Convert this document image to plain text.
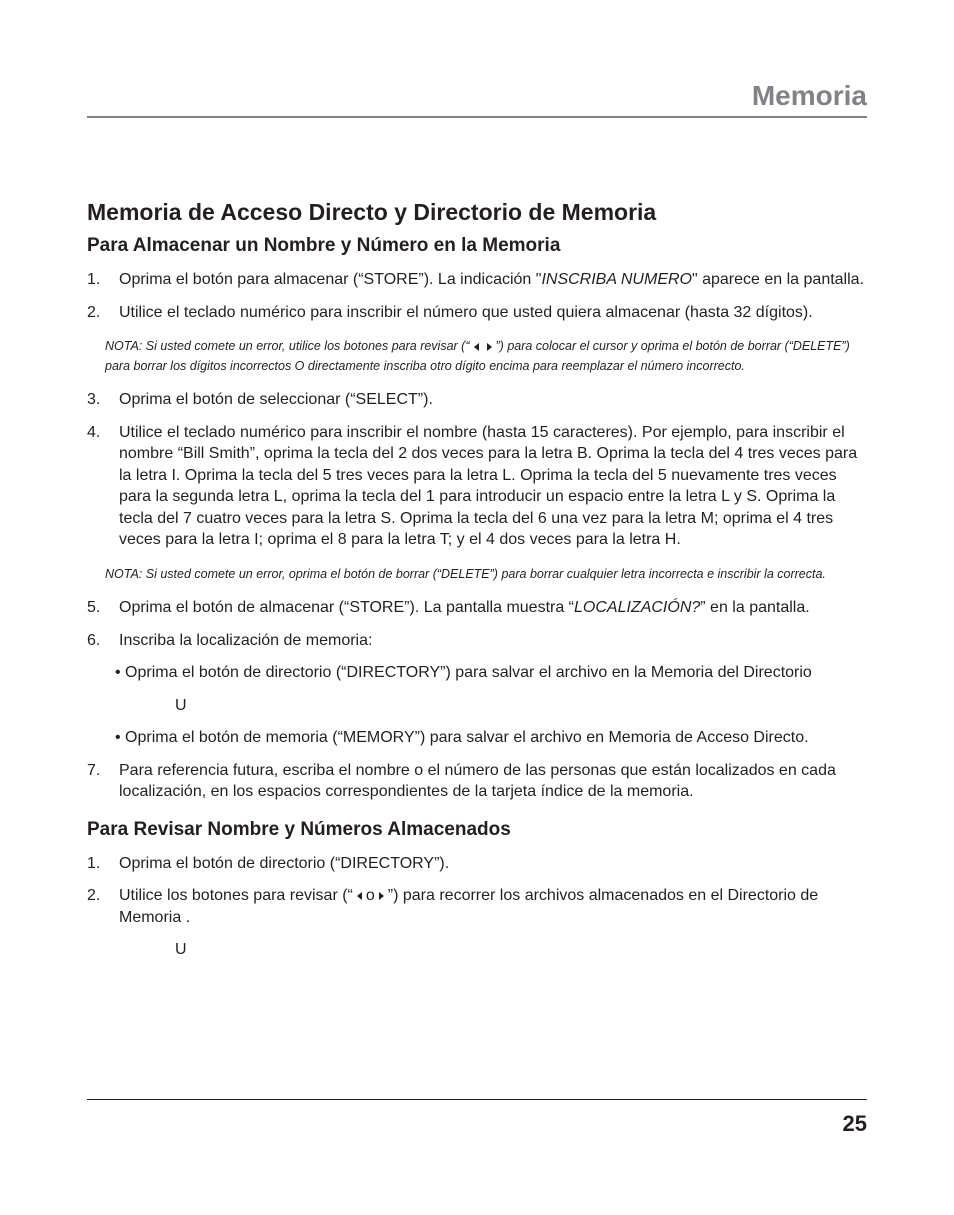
Memoria
Memoria de Acceso Directo y Directorio de Memoria
Para Almacenar un Nombre y Número en la Memoria
1.	Oprima el botón para almacenar (“STORE”). La indicación "INSCRIBA NUMERO" aparece en la pantalla.
2.	Utilice el teclado numérico para inscribir el número que usted quiera almacenar (hasta 32 dígitos).
NOTA: Si usted comete un error, utilice los botones para revisar (“ ”) para colocar el cursor y oprima el botón de borrar (“DELETE”) para borrar los dígitos incorrectos O directamente inscriba otro dígito encima para reemplazar el número incorrecto.
3.	Oprima el botón de seleccionar (“SELECT”).
4.	Utilice el teclado numérico para inscribir el nombre (hasta 15 caracteres). Por ejemplo, para inscribir el nombre “Bill Smith”, oprima la tecla del 2 dos veces para la letra B. Oprima la tecla del 4 tres veces para la letra I. Oprima la tecla del 5 tres veces para la letra L. Oprima la tecla del 5 nuevamente tres veces para la segunda letra L, oprima la tecla del 1 para introducir un espacio entre la letra L y S. Oprima la tecla del 7 cuatro veces para la letra S. Oprima la tecla del 6 una vez para la letra M; oprima el 4 tres veces para la letra I; oprima el 8 para la letra T; y el 4 dos veces para la letra H.
NOTA: Si usted comete un error, oprima el botón de borrar (“DELETE”) para borrar cualquier letra incorrecta e inscribir la correcta.
5.	Oprima el botón de almacenar (“STORE”). La pantalla muestra “LOCALIZACIÓN?” en la pantalla.
6.	Inscriba la localización de memoria:
• Oprima el botón de directorio (“DIRECTORY”) para salvar el archivo en la Memoria del Directorio
U
• Oprima el botón de memoria (“MEMORY”) para salvar el archivo en Memoria de Acceso Directo.
7.	Para referencia futura, escriba el nombre o el número de las personas que están localizados en cada localización, en los espacios correspondientes de la tarjeta índice de la memoria.
Para Revisar Nombre y Números Almacenados
1.	Oprima el botón de directorio (“DIRECTORY”).
2.	Utilice los botones para revisar (“ o ”) para recorrer los archivos almacenados en el Directorio de Memoria .
U
25
